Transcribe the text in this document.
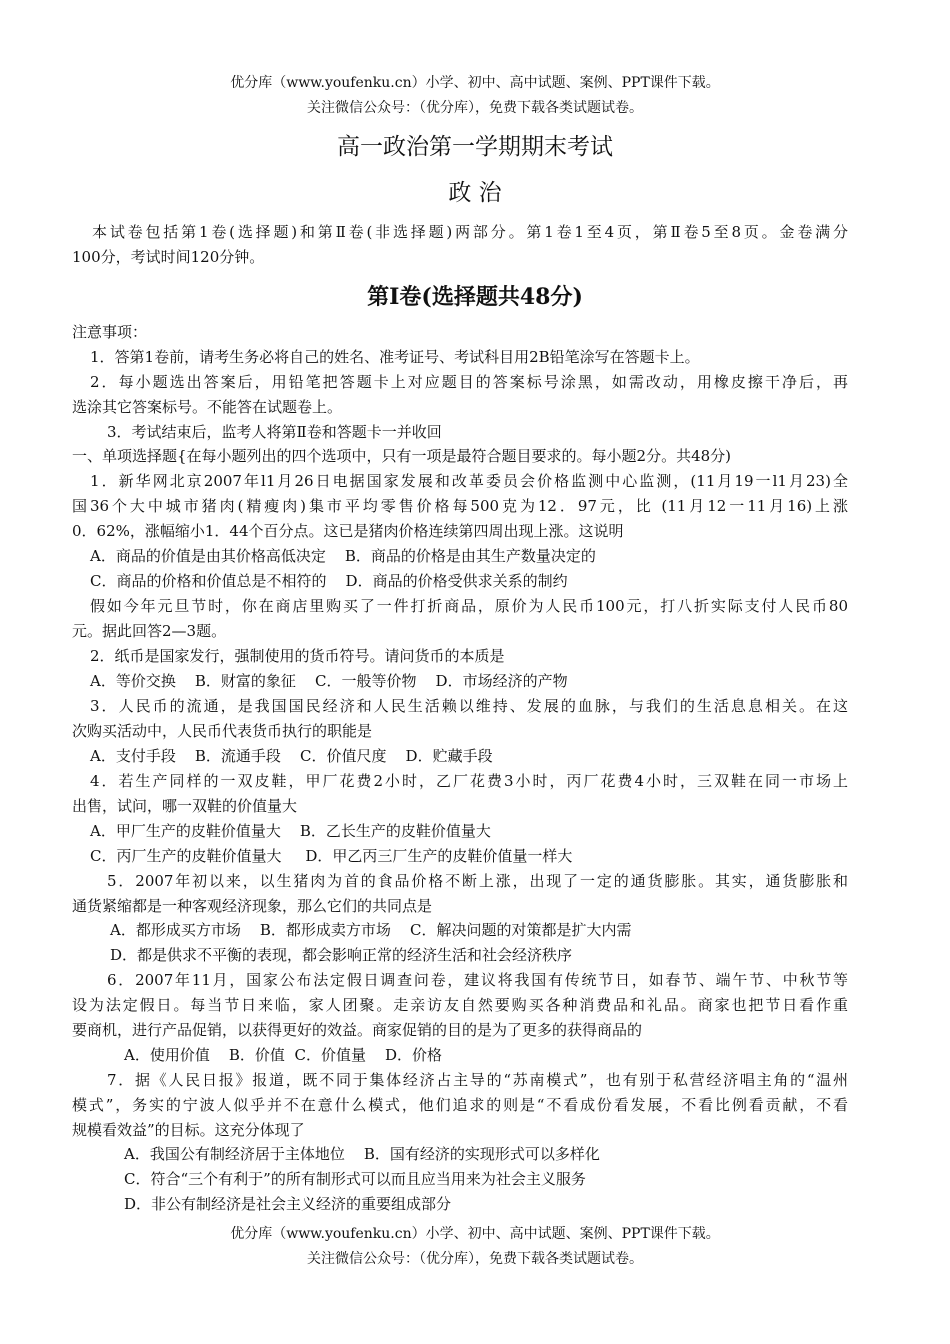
优分库（www.youfenku.cn）小学、初中、高中试题、案例、PPT课件下载。
关注微信公众号：（优分库），免费下载各类试题试卷。
高一政治第一学期期末考试
政 治
本试卷包括第1卷(选择题)和第Ⅱ卷(非选择题)两部分。第1卷1至4页，第Ⅱ卷5至8页。金卷满分
100分，考试时间120分钟。
第I卷(选择题共48分)
注意事项：
1．答第1卷前，请考生务必将自己的姓名、准考证号、考试科目用2B铅笔涂写在答题卡上。
2．每小题选出答案后，用铅笔把答题卡上对应题目的答案标号涂黑，如需改动，用橡皮擦干净后，再
选涂其它答案标号。不能答在试题卷上。
3．考试结束后，监考人将第Ⅱ卷和答题卡一并收回
一、单项选择题{在每小题列出的四个选项中，只有一项是最符合题目要求的。每小题2分。共48分)
1．新华网北京2007年l1月26日电据国家发展和改革委员会价格监测中心监测，(11月19一l1月23)全
国36个大中城市猪肉(精瘦肉)集市平均零售价格每500克为12．97元，比 (11月12一11月16)上涨
0．62%，涨幅缩小1．44个百分点。这已是猪肉价格连续第四周出现上涨。这说明
A．商品的价值是由其价格高低决定    B．商品的价格是由其生产数量决定的
C．商品的价格和价值总是不相符的    D．商品的价格受供求关系的制约
假如今年元旦节时，你在商店里购买了一件打折商品，原价为人民币100元，打八折实际支付人民币80
元。据此回答2—3题。
2．纸币是国家发行，强制使用的货币符号。请问货币的本质是
A．等价交换    B．财富的象征    C．一般等价物    D．市场经济的产物
3．人民币的流通，是我国国民经济和人民生活赖以维持、发展的血脉，与我们的生活息息相关。在这
次购买活动中，人民币代表货币执行的职能是
A．支付手段    B．流通手段    C．价值尺度    D．贮藏手段
4．若生产同样的一双皮鞋，甲厂花费2小时，乙厂花费3小时，丙厂花费4小时，三双鞋在同一市场上
出售，试问，哪一双鞋的价值量大
A．甲厂生产的皮鞋价值量大    B．乙长生产的皮鞋价值量大
C．丙厂生产的皮鞋价值量大     D．甲乙丙三厂生产的皮鞋价值量一样大
5．2007年初以来，以生猪肉为首的食品价格不断上涨，出现了一定的通货膨胀。其实，通货膨胀和
通货紧缩都是一种客观经济现象，那么它们的共同点是
A．都形成买方市场    B．都形成卖方市场    C．解决问题的对策都是扩大内需
D．都是供求不平衡的表现，都会影响正常的经济生活和社会经济秩序
6．2007年11月，国家公布法定假日调查问卷，建议将我国有传统节日，如春节、端午节、中秋节等
设为法定假日。每当节日来临，家人团聚。走亲访友自然要购买各种消费品和礼品。商家也把节日看作重
要商机，进行产品促销，以获得更好的效益。商家促销的目的是为了更多的获得商品的
A．使用价值    B．价值  C．价值量    D．价格
7．据《人民日报》报道，既不同于集体经济占主导的“苏南模式”，也有别于私营经济唱主角的“温州
模式”，务实的宁波人似乎并不在意什么模式，他们追求的则是“不看成份看发展，不看比例看贡献，不看
规模看效益”的目标。这充分体现了
A．我国公有制经济居于主体地位    B．国有经济的实现形式可以多样化
C．符合“三个有利于”的所有制形式可以而且应当用来为社会主义服务
D．非公有制经济是社会主义经济的重要组成部分
优分库（www.youfenku.cn）小学、初中、高中试题、案例、PPT课件下载。
关注微信公众号：（优分库），免费下载各类试题试卷。
